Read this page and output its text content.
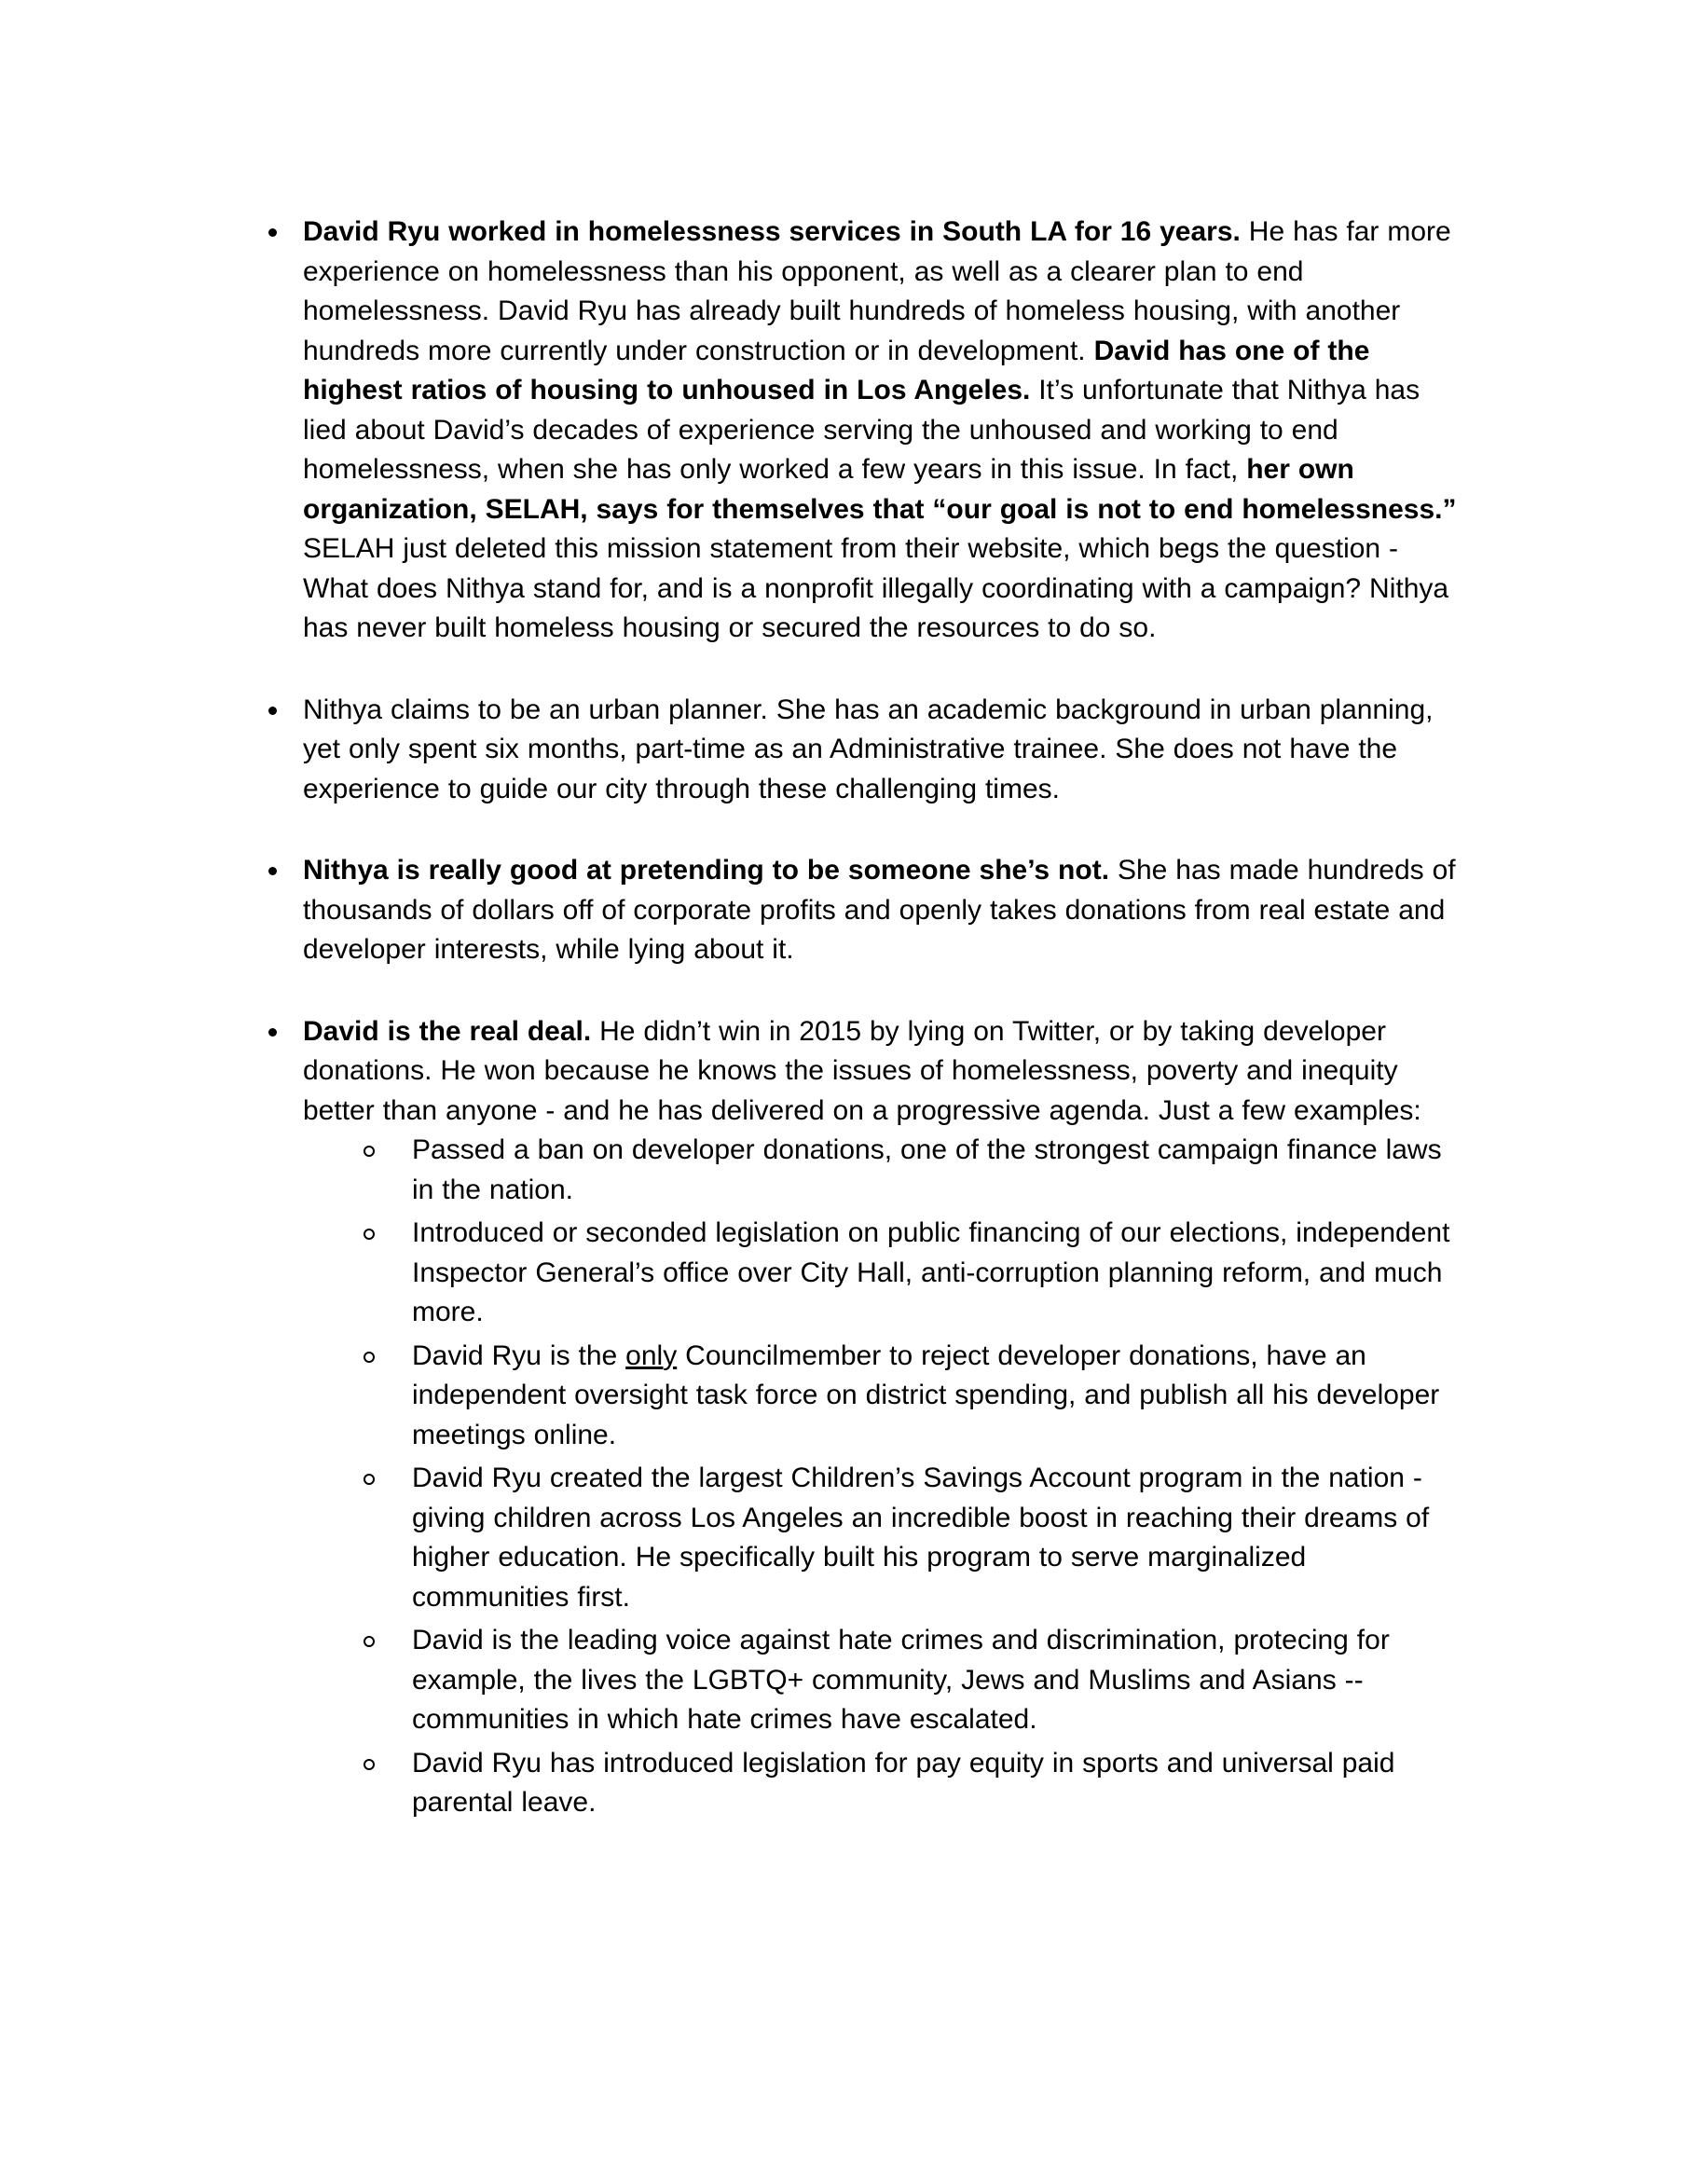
David Ryu worked in homelessness services in South LA for 16 years. He has far more experience on homelessness than his opponent, as well as a clearer plan to end homelessness. David Ryu has already built hundreds of homeless housing, with another hundreds more currently under construction or in development. David has one of the highest ratios of housing to unhoused in Los Angeles. It’s unfortunate that Nithya has lied about David’s decades of experience serving the unhoused and working to end homelessness, when she has only worked a few years in this issue. In fact, her own organization, SELAH, says for themselves that “our goal is not to end homelessness.” SELAH just deleted this mission statement from their website, which begs the question - What does Nithya stand for, and is a nonprofit illegally coordinating with a campaign? Nithya has never built homeless housing or secured the resources to do so.
Nithya claims to be an urban planner. She has an academic background in urban planning, yet only spent six months, part-time as an Administrative trainee. She does not have the experience to guide our city through these challenging times.
Nithya is really good at pretending to be someone she’s not. She has made hundreds of thousands of dollars off of corporate profits and openly takes donations from real estate and developer interests, while lying about it.
David is the real deal. He didn’t win in 2015 by lying on Twitter, or by taking developer donations. He won because he knows the issues of homelessness, poverty and inequity better than anyone - and he has delivered on a progressive agenda. Just a few examples:
Passed a ban on developer donations, one of the strongest campaign finance laws in the nation.
Introduced or seconded legislation on public financing of our elections, independent Inspector General’s office over City Hall, anti-corruption planning reform, and much more.
David Ryu is the only Councilmember to reject developer donations, have an independent oversight task force on district spending, and publish all his developer meetings online.
David Ryu created the largest Children’s Savings Account program in the nation - giving children across Los Angeles an incredible boost in reaching their dreams of higher education. He specifically built his program to serve marginalized communities first.
David is the leading voice against hate crimes and discrimination, protecing for example, the lives the LGBTQ+ community, Jews and Muslims and Asians -- communities in which hate crimes have escalated.
David Ryu has introduced legislation for pay equity in sports and universal paid parental leave.
